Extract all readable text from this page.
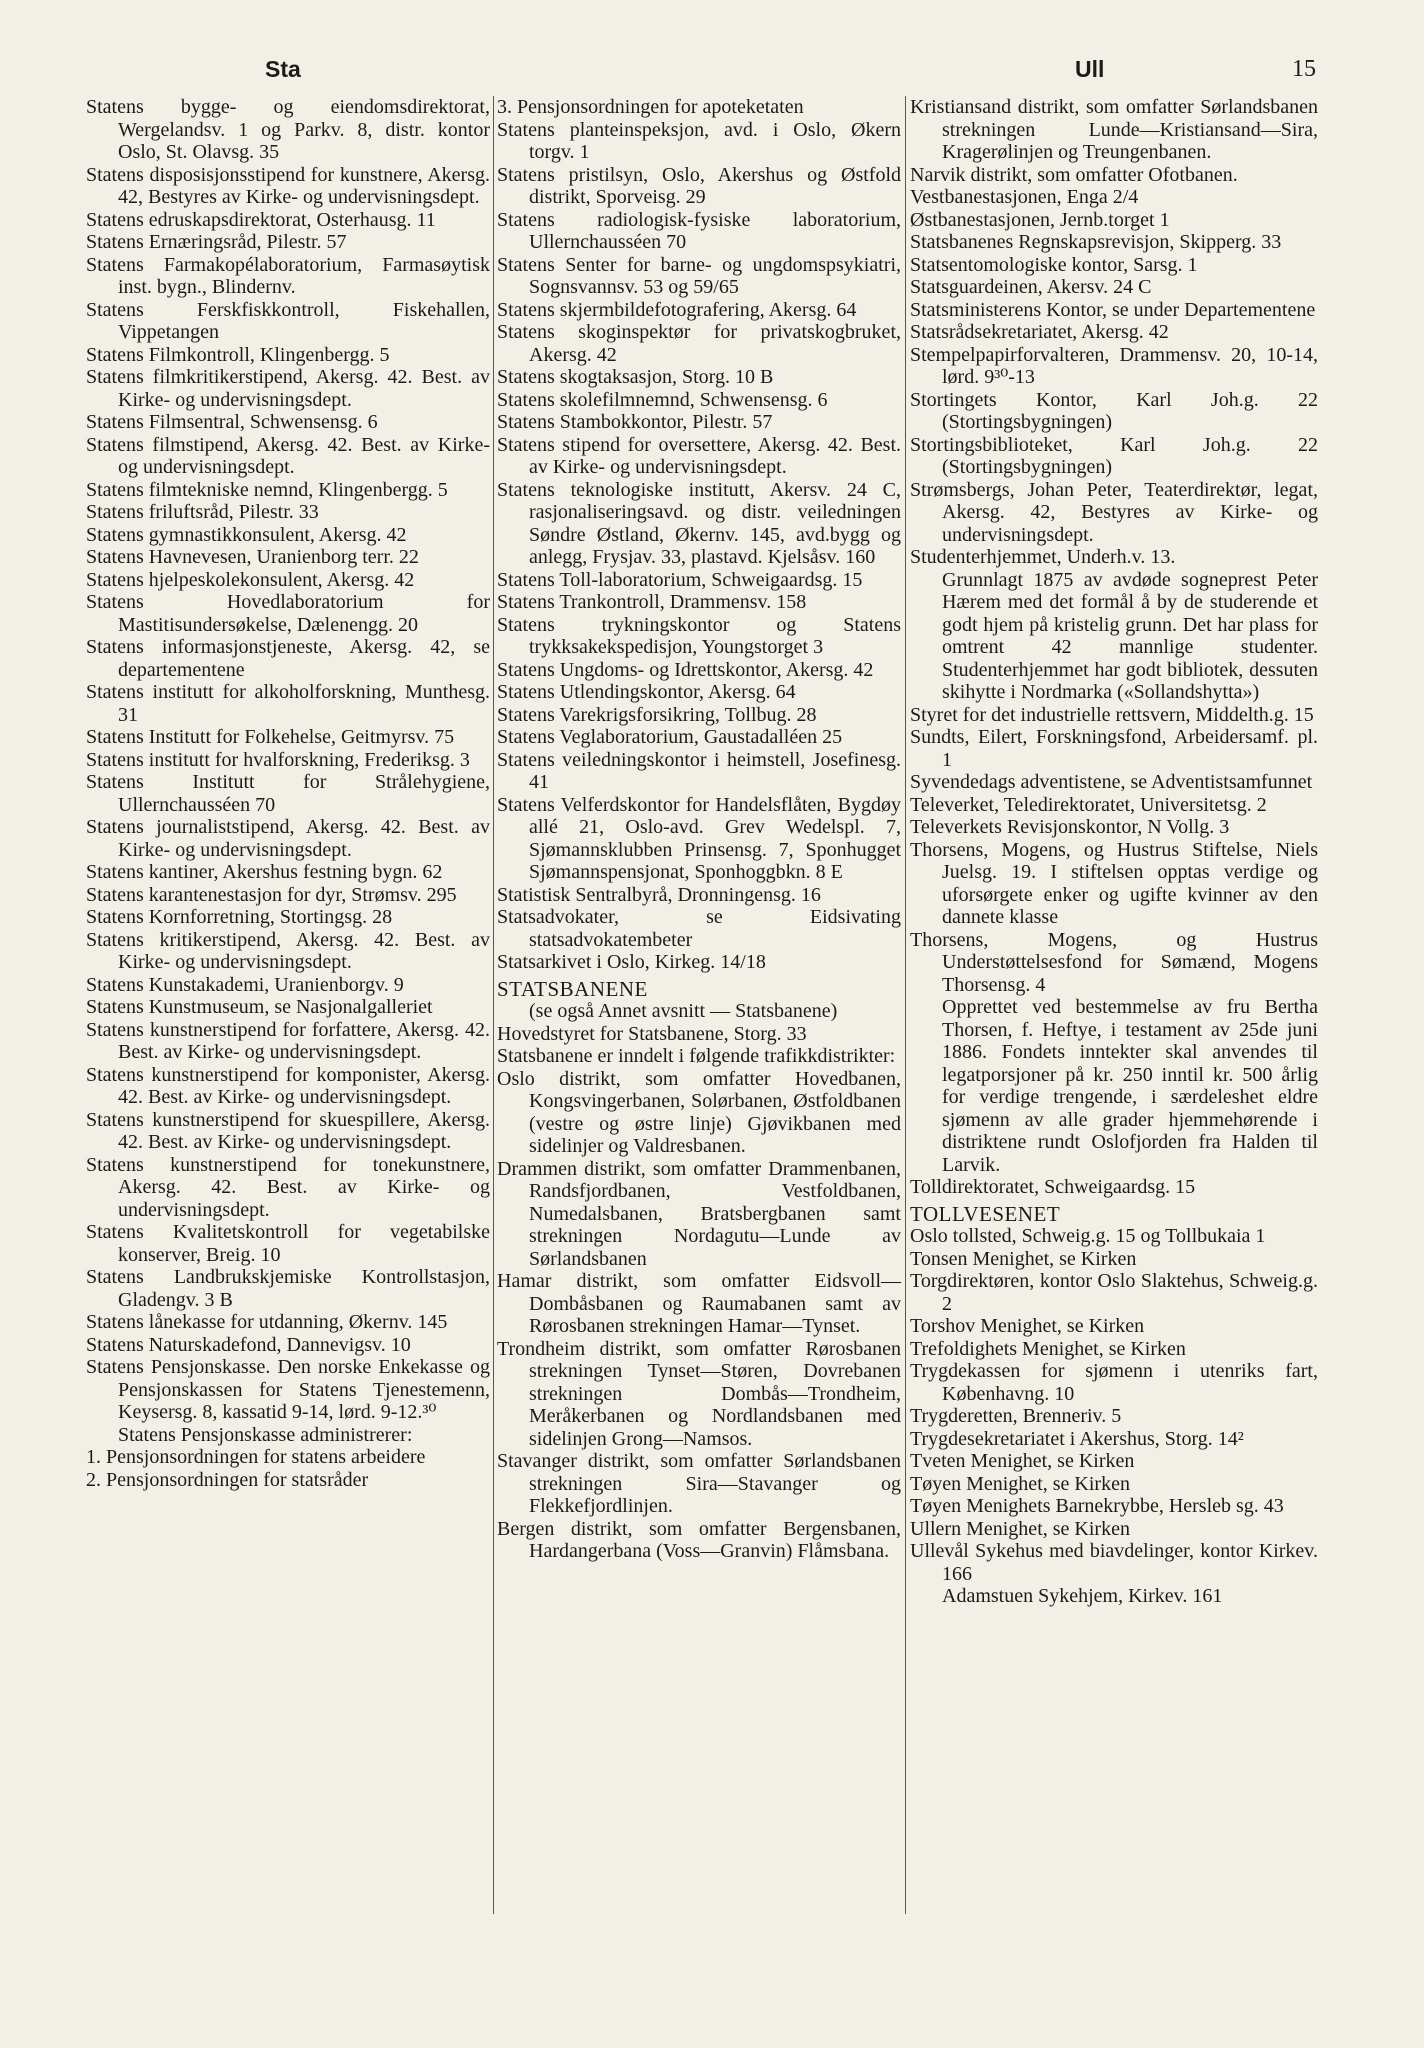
Sta	Ull	15
Statens bygge- og eiendomsdirektorat, Wergelandsv. 1 og Parkv. 8, distr. kontor Oslo, St. Olavsg. 35
Statens disposisjonsstipend for kunstnere, Akersg. 42, Bestyres av Kirke- og undervisningsdept.
Statens edruskapsdirektorat, Osterhausg. 11
Statens Ernæringsråd, Pilestr. 57
Statens Farmakopélaboratorium, Farmasøytisk inst. bygn., Blindernv.
Statens Ferskfiskkontroll, Fiskehallen, Vippetangen
Statens Filmkontroll, Klingenbergg. 5
Statens filmkritikerstipend, Akersg. 42. Best. av Kirke- og undervisningsdept.
Statens Filmsentral, Schwensensg. 6
Statens filmstipend, Akersg. 42. Best. av Kirke- og undervisningsdept.
Statens filmtekniske nemnd, Klingenbergg. 5
Statens friluftsråd, Pilestr. 33
Statens gymnastikkonsulent, Akersg. 42
Statens Havnevesen, Uranienborg terr. 22
Statens hjelpeskolekonsulent, Akersg. 42
Statens Hovedlaboratorium for Mastitisundersøkelse, Dælenengg. 20
Statens informasjonstjeneste, Akersg. 42, se departementene
Statens institutt for alkoholforskning, Munthesg. 31
Statens Institutt for Folkehelse, Geitmyrsv. 75
Statens institutt for hvalforskning, Frederiksg. 3
Statens Institutt for Strålehygiene, Ullernchausséen 70
Statens journaliststipend, Akersg. 42. Best. av Kirke- og undervisningsdept.
Statens kantiner, Akershus festning bygn. 62
Statens karantenestasjon for dyr, Strømsv. 295
Statens Kornforretning, Stortingsg. 28
Statens kritikerstipend, Akersg. 42. Best. av Kirke- og undervisningsdept.
Statens Kunstakademi, Uranienborgv. 9
Statens Kunstmuseum, se Nasjonalgalleriet
Statens kunstnerstipend for forfattere, Akersg. 42. Best. av Kirke- og undervisningsdept.
Statens kunstnerstipend for komponister, Akersg. 42. Best. av Kirke- og undervisningsdept.
Statens kunstnerstipend for skuespillere, Akersg. 42. Best. av Kirke- og undervisningsdept.
Statens kunstnerstipend for tonekunstnere, Akersg. 42. Best. av Kirke- og undervisningsdept.
Statens Kvalitetskontroll for vegetabilske konserver, Breig. 10
Statens Landbrukskjemiske Kontrollstasjon, Gladengv. 3 B
Statens lånekasse for utdanning, Økernv. 145
Statens Naturskadefond, Dannevigsv. 10
Statens Pensjonskasse. Den norske Enkekasse og Pensjonskassen for Statens Tjenestemenn, Keysersg. 8, kassatid 9-14, lørd. 9-12.³⁰
Statens Pensjonskasse administrerer:
1. Pensjonsordningen for statens arbeidere
2. Pensjonsordningen for statsråder
3. Pensjonsordningen for apoteketaten
Statens planteinspeksjon, avd. i Oslo, Økern torgv. 1
Statens pristilsyn, Oslo, Akershus og Østfold distrikt, Sporveisg. 29
Statens radiologisk-fysiske laboratorium, Ullernchausséen 70
Statens Senter for barne- og ungdomspsykiatri, Sognsvannsv. 53 og 59/65
Statens skjermbildefotografering, Akersg. 64
Statens skoginspektør for privatskogbruket, Akersg. 42
Statens skogtaksasjon, Storg. 10 B
Statens skolefilmnemnd, Schwensensg. 6
Statens Stambokkontor, Pilestr. 57
Statens stipend for oversettere, Akersg. 42. Best. av Kirke- og undervisningsdept.
Statens teknologiske institutt, Akersv. 24 C, rasjonaliseringsavd. og distr. veiledningen Søndre Østland, Økernv. 145, avd.bygg og anlegg, Frysjav. 33, plastavd. Kjelsåsv. 160
Statens Toll-laboratorium, Schweigaardsg. 15
Statens Trankontroll, Drammensv. 158
Statens trykningskontor og Statens trykksakekspedisjon, Youngstorget 3
Statens Ungdoms- og Idrettskontor, Akersg. 42
Statens Utlendingskontor, Akersg. 64
Statens Varekrigsforsikring, Tollbug. 28
Statens Veglaboratorium, Gaustadalléen 25
Statens veiledningskontor i heimstell, Josefinesg. 41
Statens Velferdskontor for Handelsflåten, Bygdøy allé 21, Oslo-avd. Grev Wedelspl. 7, Sjømannsklubben Prinsensg. 7, Sponhugget Sjømannspensjonat, Sponhoggbkn. 8 E
Statistisk Sentralbyrå, Dronningensg. 16
Statsadvokater, se Eidsivating statsadvokatembeter
Statsarkivet i Oslo, Kirkeg. 14/18
STATSBANENE
(se også Annet avsnitt — Statsbanene)
Hovedstyret for Statsbanene, Storg. 33
Statsbanene er inndelt i følgende trafikkdistrikter:
Oslo distrikt, som omfatter Hovedbanen, Kongsvingerbanen, Solørbanen, Østfoldbanen (vestre og østre linje) Gjøvikbanen med sidelinjer og Valdresbanen.
Drammen distrikt, som omfatter Drammenbanen, Randsfjordbanen, Vestfoldbanen, Numedalsbanen, Bratsbergbanen samt strekningen Nordagutu—Lunde av Sørlandsbanen
Hamar distrikt, som omfatter Eidsvoll—Dombåsbanen og Raumabanen samt av Rørosbanen strekningen Hamar—Tynset.
Trondheim distrikt, som omfatter Rørosbanen strekningen Tynset—Støren, Dovrebanen strekningen Dombås—Trondheim, Meråkerbanen og Nordlandsbanen med sidelinjen Grong—Namsos.
Stavanger distrikt, som omfatter Sørlandsbanen strekningen Sira—Stavanger og Flekkefjordlinjen.
Bergen distrikt, som omfatter Bergensbanen, Hardangerbana (Voss—Granvin) Flåmsbana.
Kristiansand distrikt, som omfatter Sørlandsbanen strekningen Lunde—Kristiansand—Sira, Kragerølinjen og Treungenbanen.
Narvik distrikt, som omfatter Ofotbanen.
Vestbanestasjonen, Enga 2/4
Østbanestasjonen, Jernb.torget 1
Statsbanenes Regnskapsrevisjon, Skipperg. 33
Statsentomologiske kontor, Sarsg. 1
Statsguardeinen, Akersv. 24 C
Statsministerens Kontor, se under Departementene
Statsrådsekretariatet, Akersg. 42
Stempelpapirforvalteren, Drammensv. 20, 10-14, lørd. 9³⁰-13
Stortingets Kontor, Karl Joh.g. 22 (Stortingsbygningen)
Stortingsbiblioteket, Karl Joh.g. 22 (Stortingsbygningen)
Strømsbergs, Johan Peter, Teaterdirektør, legat, Akersg. 42, Bestyres av Kirke- og undervisningsdept.
Studenterhjemmet, Underh.v. 13.
Grunnlagt 1875 av avdøde sogneprest Peter Hærem med det formål å by de studerende et godt hjem på kristelig grunn. Det har plass for omtrent 42 mannlige studenter. Studenterhjemmet har godt bibliotek, dessuten skihytte i Nordmarka («Sollandshytta»)
Styret for det industrielle rettsvern, Middelth.g. 15
Sundts, Eilert, Forskningsfond, Arbeidersamf. pl. 1
Syvendedags adventistene, se Adventistsamfunnet
Televerket, Teledirektoratet, Universitetsg. 2
Televerkets Revisjonskontor, N Vollg. 3
Thorsens, Mogens, og Hustrus Stiftelse, Niels Juelsg. 19. I stiftelsen opptas verdige og uforsørgete enker og ugifte kvinner av den dannete klasse
Thorsens, Mogens, og Hustrus Understøttelsesfond for Sømænd, Mogens Thorsensg. 4
Opprettet ved bestemmelse av fru Bertha Thorsen, f. Heftye, i testament av 25de juni 1886. Fondets inntekter skal anvendes til legatporsjoner på kr. 250 inntil kr. 500 årlig for verdige trengende, i særdeleshet eldre sjømenn av alle grader hjemmehørende i distriktene rundt Oslofjorden fra Halden til Larvik.
Tolldirektoratet, Schweigaardsg. 15
TOLLVESENET
Oslo tollsted, Schweig.g. 15 og Tollbukaia 1
Tonsen Menighet, se Kirken
Torgdirektøren, kontor Oslo Slaktehus, Schweig.g. 2
Torshov Menighet, se Kirken
Trefoldighets Menighet, se Kirken
Trygdekassen for sjømenn i utenriks fart, Københavng. 10
Trygderetten, Brenneriv. 5
Trygdesekretariatet i Akershus, Storg. 14²
Tveten Menighet, se Kirken
Tøyen Menighet, se Kirken
Tøyen Menighets Barnekrybbe, Hersleb sg. 43
Ullern Menighet, se Kirken
Ullevål Sykehus med biavdelinger, kontor Kirkev. 166
Adamstuen Sykehjem, Kirkev. 161
